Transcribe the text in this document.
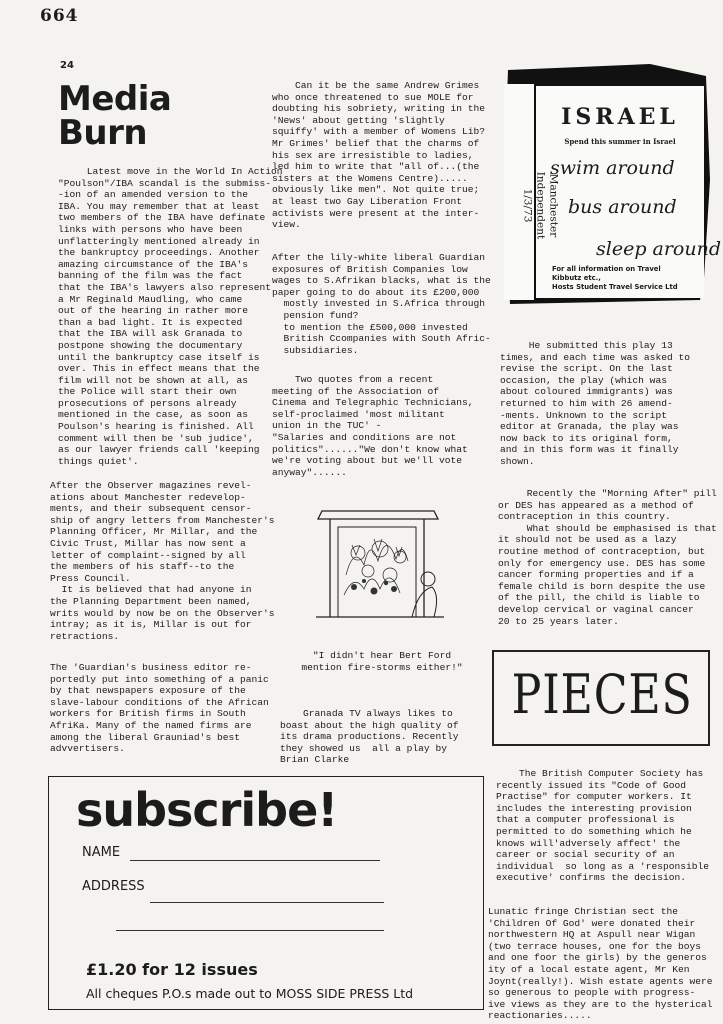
664
24
Media
Burn
Latest move in the World In Action
"Poulson"/IBA scandal is the submiss-
-ion of an amended version to the
IBA. You may remember that at least
two members of the IBA have definate
links with persons who have been
unflatteringly mentioned already in
the bankruptcy proceedings. Another
amazing circumstance of the IBA's
banning of the film was the fact
that the IBA's lawyers also represent
a Mr Reginald Maudling, who came
out of the hearing in rather more
than a bad light. It is expected
that the IBA will ask Granada to
postpone showing the documentary
until the bankruptcy case itself is
over. This in effect means that the
film will not be shown at all, as
the Police will start their own
prosecutions of persons already
mentioned in the case, as soon as
Poulson's hearing is finished. All
comment will then be 'sub judice',
as our lawyer friends call 'keeping
things quiet'.
After the Observer magazines revel-
ations about Manchester redevelop-
ments, and their subsequent censor-
ship of angry letters from Manchester's
Planning Officer, Mr Millar, and the
Civic Trust, Millar has now sent a
letter of complaint--signed by all
the members of his staff--to the
Press Council.
It is believed that had anyone in
the Planning Department been named,
writs would by now be on the Observer's
intray; as it is, Millar is out for
retractions.
The 'Guardian's business editor re-
portedly put into something of a panic
by that newspapers exposure of the
slave-labour conditions of the African
workers for British firms in South
AfriKa. Many of the named firms are
among the liberal Grauniad's best
advvertisers.
Can it be the same Andrew Grimes
who once threatened to sue MOLE for
doubting his sobriety, writing in the
'News' about getting 'slightly
squiffy' with a member of Womens Lib?
Mr Grimes' belief that the charms of
his sex are irresistible to ladies,
led him to write that "all of...(the
sisters at the Womens Centre).....
obviously like men". Not quite true;
at least two Gay Liberation Front
activists were present at the inter-
view.
After the lily-white liberal Guardian
exposures of British Companies low
wages to S.Afrikan blacks, what is the
paper going to do about its £200,000
mostly invested in S.Africa through
pension fund?
to mention the £500,000 invested
British Ccompanies with South Afric-
subsidiaries.
Two quotes from a recent
meeting of the Association of
Cinema and Telegraphic Technicians,
self-proclaimed 'most militant
union in the TUC' -
"Salaries and conditions are not
politics"......"We don't know what
we're voting about but we'll vote
anyway"......
"I didn't hear Bert Ford
mention fire-storms either!"
Granada TV always likes to
boast about the high quality of
its drama productions. Recently
they showed us  all a play by
Brian Clarke
Manchester Independent
1/3/73
ISRAEL
Spend this summer in Israel
swim around
bus around
sleep around
For all information on Travel
Kibbutz etc.,
Hosts Student Travel Service Ltd
He submitted this play 13
times, and each time was asked to
revise the script. On the last
occasion, the play (which was
about coloured immigrants) was
returned to him with 26 amend-
-ments. Unknown to the script
editor at Granada, the play was
now back to its original form,
and in this form was it finally
shown.
Recently the "Morning After" pill
or DES has appeared as a method of
contraception in this country.
What should be emphasised is that
it should not be used as a lazy
routine method of contraception, but
only for emergency use. DES has some
cancer forming properties and if a
female child is born despite the use
of the pill, the child is liable to
develop cervical or vaginal cancer
20 to 25 years later.
PIECES
The British Computer Society has
recently issued its "Code of Good
Practise" for computer workers. It
includes the interesting provision
that a computer professional is
permitted to do something which he
knows will'adversely affect' the
career or social security of an
individual  so long as a 'responsible
executive' confirms the decision.
Lunatic fringe Christian sect the
'Children Of God' were donated their
northwestern HQ at Aspull near Wigan
(two terrace houses, one for the boys
and one foor the girls) by the generos
ity of a local estate agent, Mr Ken
Joynt(really!). Wish estate agents were
so generous to people with progress-
ive views as they are to the hysterical
reactionaries.....
subscribe!
NAME
ADDRESS
£1.20 for 12 issues
All cheques P.O.s made out to MOSS SIDE PRESS Ltd
